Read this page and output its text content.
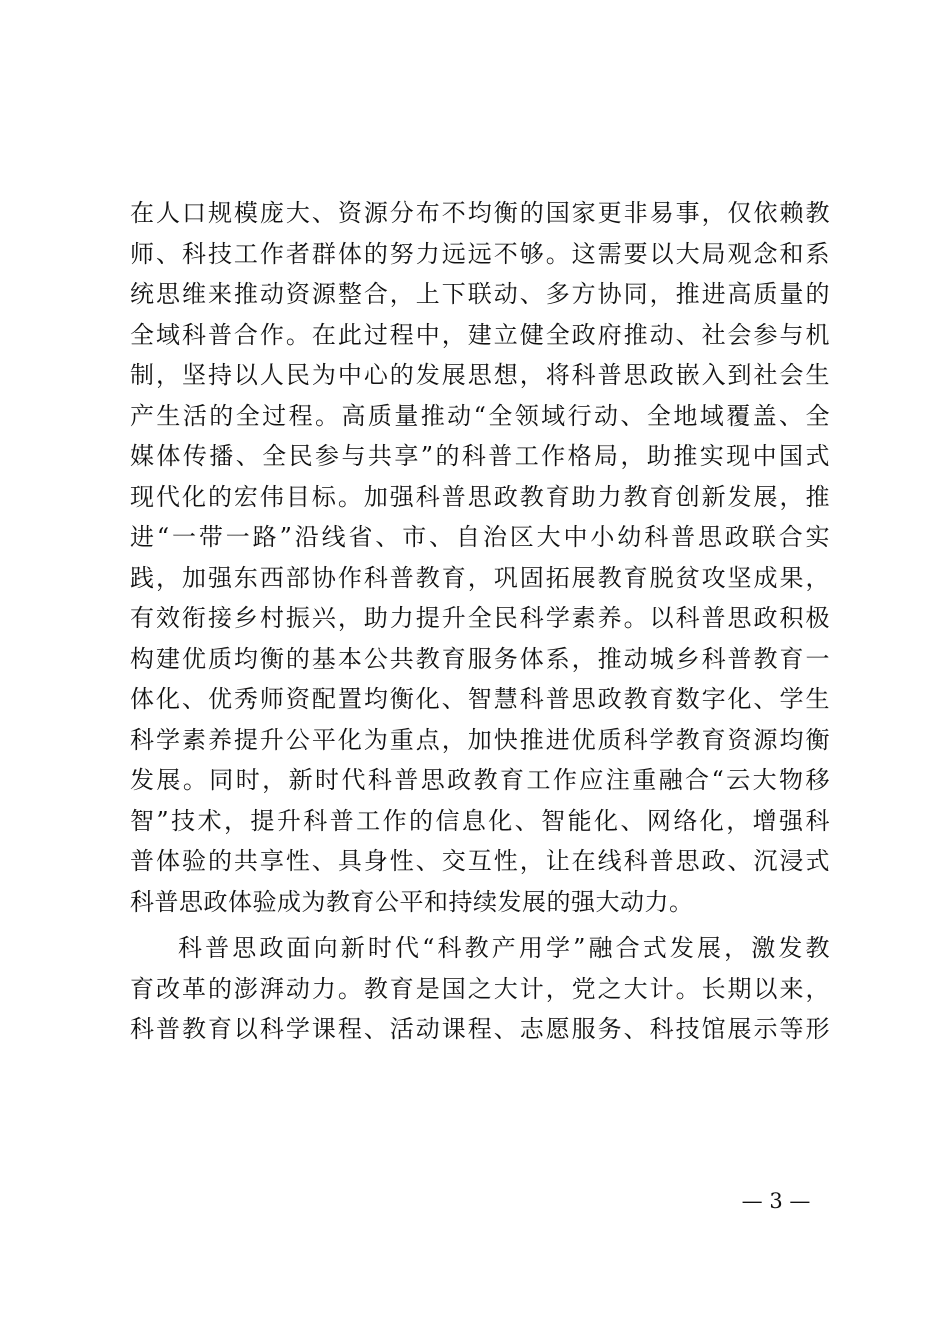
在人口规模庞大、资源分布不均衡的国家更非易事，仅依赖教
师、科技工作者群体的努力远远不够。这需要以大局观念和系
统思维来推动资源整合，上下联动、多方协同，推进高质量的
全域科普合作。在此过程中，建立健全政府推动、社会参与机
制，坚持以人民为中心的发展思想，将科普思政嵌入到社会生
产生活的全过程。高质量推动“全领域行动、全地域覆盖、全
媒体传播、全民参与共享”的科普工作格局，助推实现中国式
现代化的宏伟目标。加强科普思政教育助力教育创新发展，推
进“一带一路”沿线省、市、自治区大中小幼科普思政联合实
践，加强东西部协作科普教育，巩固拓展教育脱贫攻坚成果，
有效衔接乡村振兴，助力提升全民科学素养。以科普思政积极
构建优质均衡的基本公共教育服务体系，推动城乡科普教育一
体化、优秀师资配置均衡化、智慧科普思政教育数字化、学生
科学素养提升公平化为重点，加快推进优质科学教育资源均衡
发展。同时，新时代科普思政教育工作应注重融合“云大物移
智”技术，提升科普工作的信息化、智能化、网络化，增强科
普体验的共享性、具身性、交互性，让在线科普思政、沉浸式
科普思政体验成为教育公平和持续发展的强大动力。
科普思政面向新时代“科教产用学”融合式发展，激发教
育改革的澎湃动力。教育是国之大计，党之大计。长期以来，
科普教育以科学课程、活动课程、志愿服务、科技馆展示等形
— 3 —
